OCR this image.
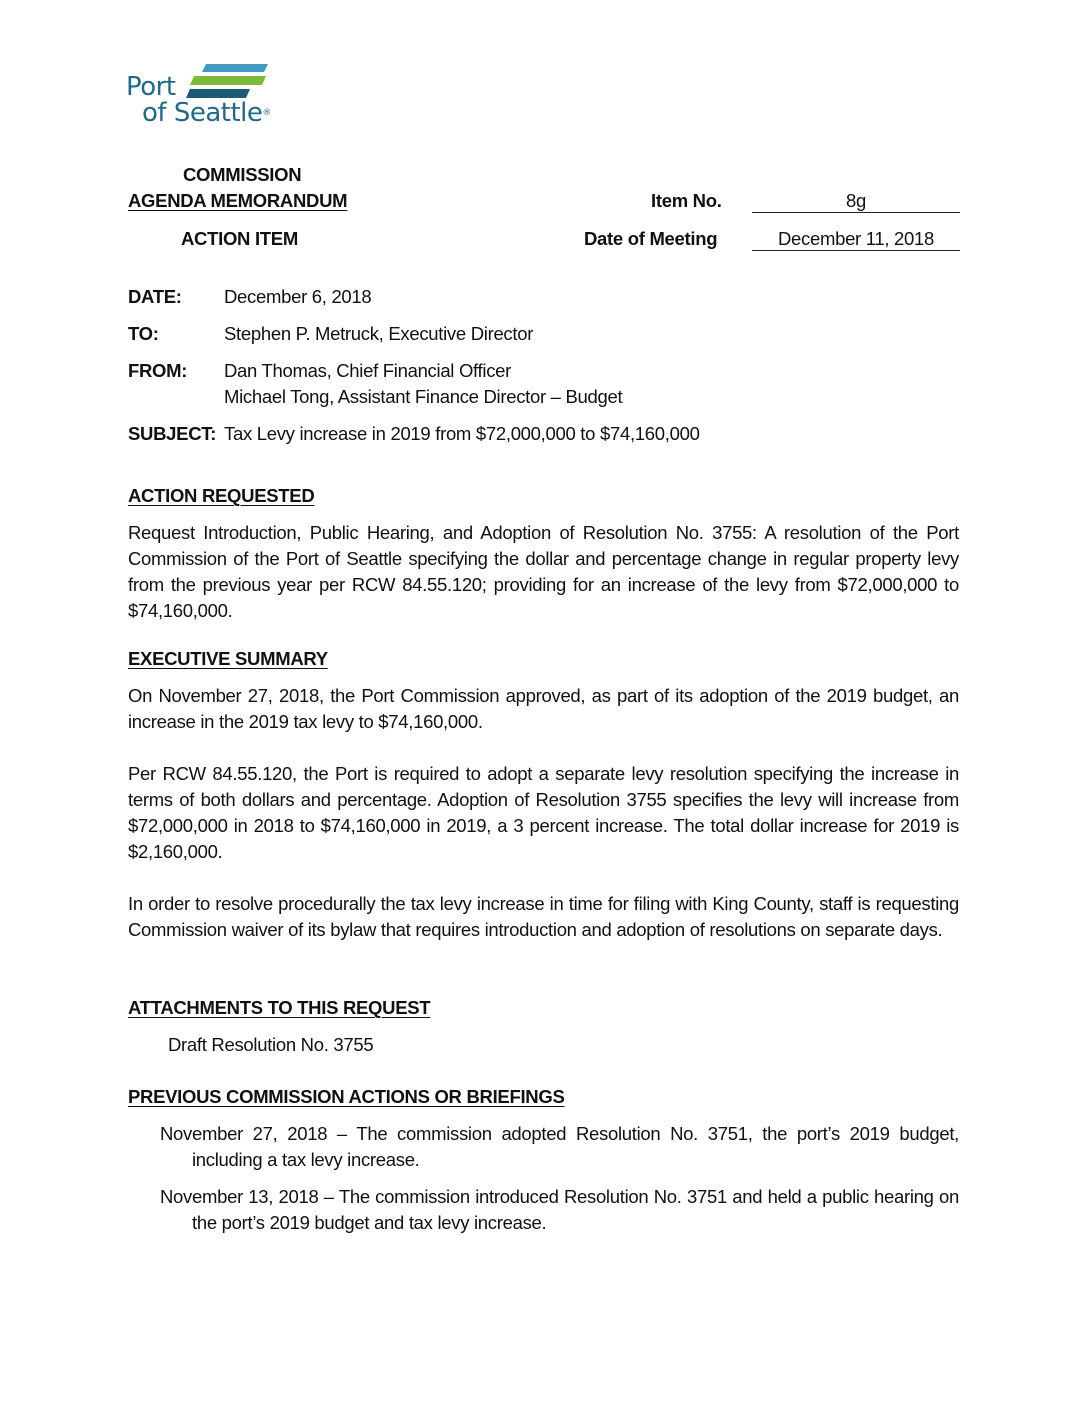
Port
of Seattle®
COMMISSION
AGENDA MEMORANDUM
ACTION ITEM
Item No.	8g
Date of Meeting	December 11, 2018
DATE: December 6, 2018
TO:	Stephen P. Metruck, Executive Director
FROM: Dan Thomas, Chief Financial Officer
Michael Tong, Assistant Finance Director – Budget
SUBJECT: Tax Levy increase in 2019 from $72,000,000 to $74,160,000
ACTION REQUESTED
Request Introduction, Public Hearing, and Adoption of Resolution No. 3755: A resolution of the Port Commission of the Port of Seattle specifying the dollar and percentage change in regular property levy from the previous year per RCW 84.55.120; providing for an increase of the levy from $72,000,000 to $74,160,000.
EXECUTIVE SUMMARY
On November 27, 2018, the Port Commission approved, as part of its adoption of the 2019 budget, an increase in the 2019 tax levy to $74,160,000.
Per RCW 84.55.120, the Port is required to adopt a separate levy resolution specifying the increase in terms of both dollars and percentage. Adoption of Resolution 3755 specifies the levy will increase from $72,000,000 in 2018 to $74,160,000 in 2019, a 3 percent increase. The total dollar increase for 2019 is $2,160,000.
In order to resolve procedurally the tax levy increase in time for filing with King County, staff is requesting Commission waiver of its bylaw that requires introduction and adoption of resolutions on separate days.
ATTACHMENTS TO THIS REQUEST
Draft Resolution No. 3755
PREVIOUS COMMISSION ACTIONS OR BRIEFINGS
November 27, 2018 – The commission adopted Resolution No. 3751, the port’s 2019 budget, including a tax levy increase.
November 13, 2018 – The commission introduced Resolution No. 3751 and held a public hearing on the port’s 2019 budget and tax levy increase.
